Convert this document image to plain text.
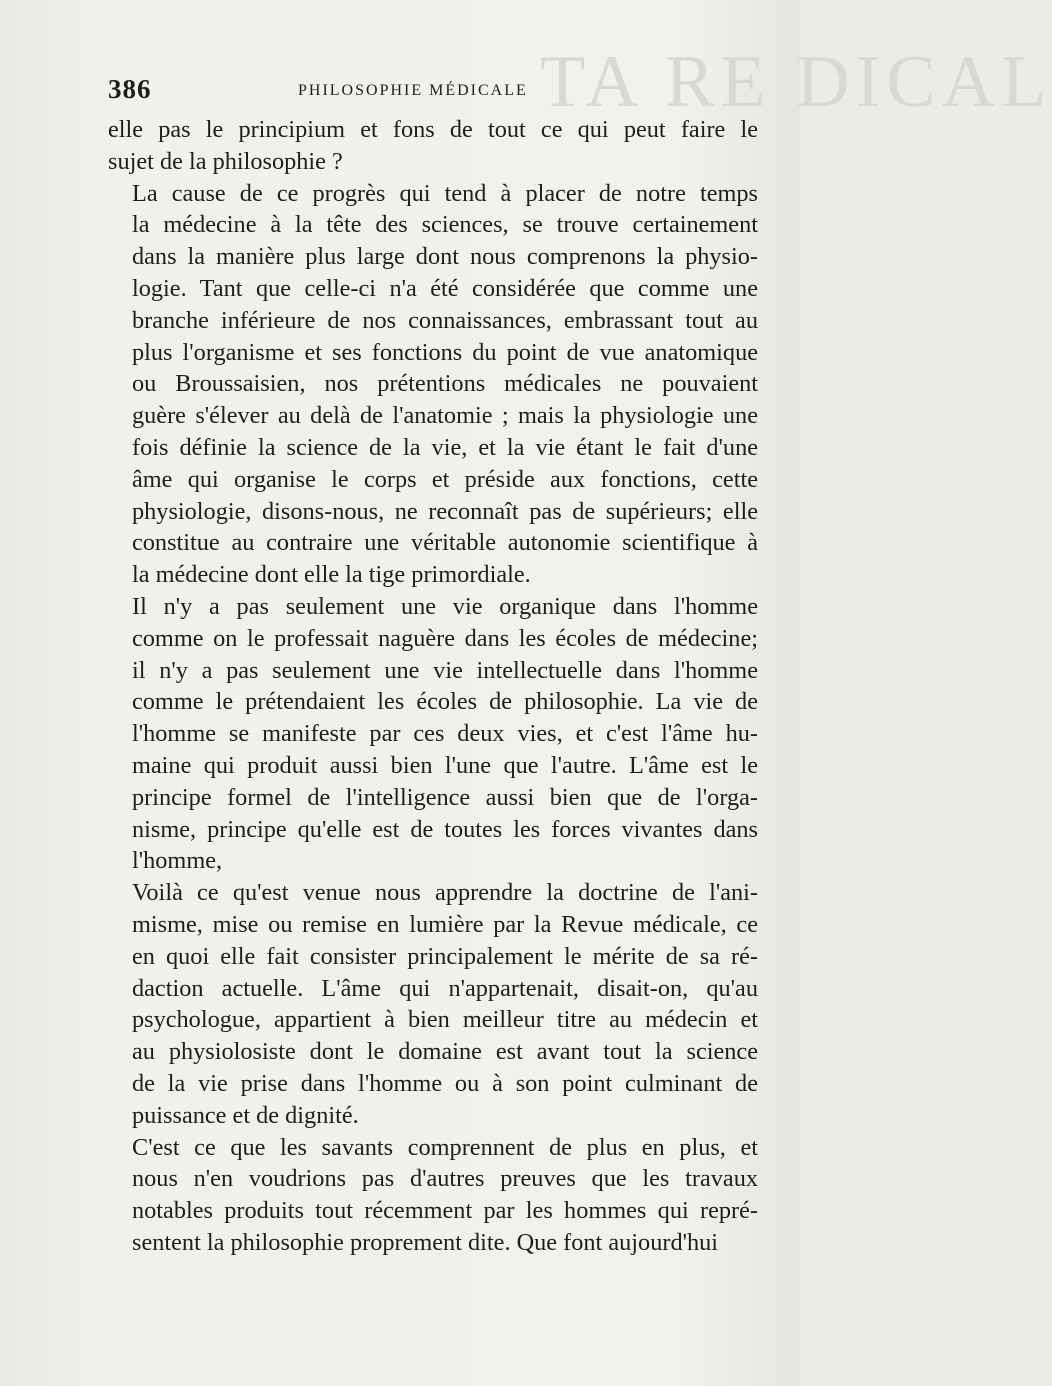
TA RE DICAL
386	PHILOSOPHIE MÉDICALE

elle pas le principium et fons de tout ce qui peut faire le
sujet de la philosophie ?

La cause de ce progrès qui tend à placer de notre temps
la médecine à la tête des sciences, se trouve certainement
dans la manière plus large dont nous comprenons la physio-
logie. Tant que celle-ci n'a été considérée que comme une
branche inférieure de nos connaissances, embrassant tout au
plus l'organisme et ses fonctions du point de vue anatomique
ou Broussaisien, nos prétentions médicales ne pouvaient
guère s'élever au delà de l'anatomie ; mais la physiologie une
fois définie la science de la vie, et la vie étant le fait d'une
âme qui organise le corps et préside aux fonctions, cette
physiologie, disons-nous, ne reconnaît pas de supérieurs; elle
constitue au contraire une véritable autonomie scientifique à
la médecine dont elle la tige primordiale.

Il n'y a pas seulement une vie organique dans l'homme
comme on le professait naguère dans les écoles de médecine;
il n'y a pas seulement une vie intellectuelle dans l'homme
comme le prétendaient les écoles de philosophie. La vie de
l'homme se manifeste par ces deux vies, et c'est l'âme hu-
maine qui produit aussi bien l'une que l'autre. L'âme est le
principe formel de l'intelligence aussi bien que de l'orga-
nisme, principe qu'elle est de toutes les forces vivantes dans
l'homme,

Voilà ce qu'est venue nous apprendre la doctrine de l'ani-
misme, mise ou remise en lumière par la Revue médicale, ce
en quoi elle fait consister principalement le mérite de sa ré-
daction actuelle. L'âme qui n'appartenait, disait-on, qu'au
psychologue, appartient à bien meilleur titre au médecin et
au physiolosiste dont le domaine est avant tout la science
de la vie prise dans l'homme ou à son point culminant de
puissance et de dignité.

C'est ce que les savants comprennent de plus en plus, et
nous n'en voudrions pas d'autres preuves que les travaux
notables produits tout récemment par les hommes qui repré-
sentent la philosophie proprement dite. Que font aujourd'hui
